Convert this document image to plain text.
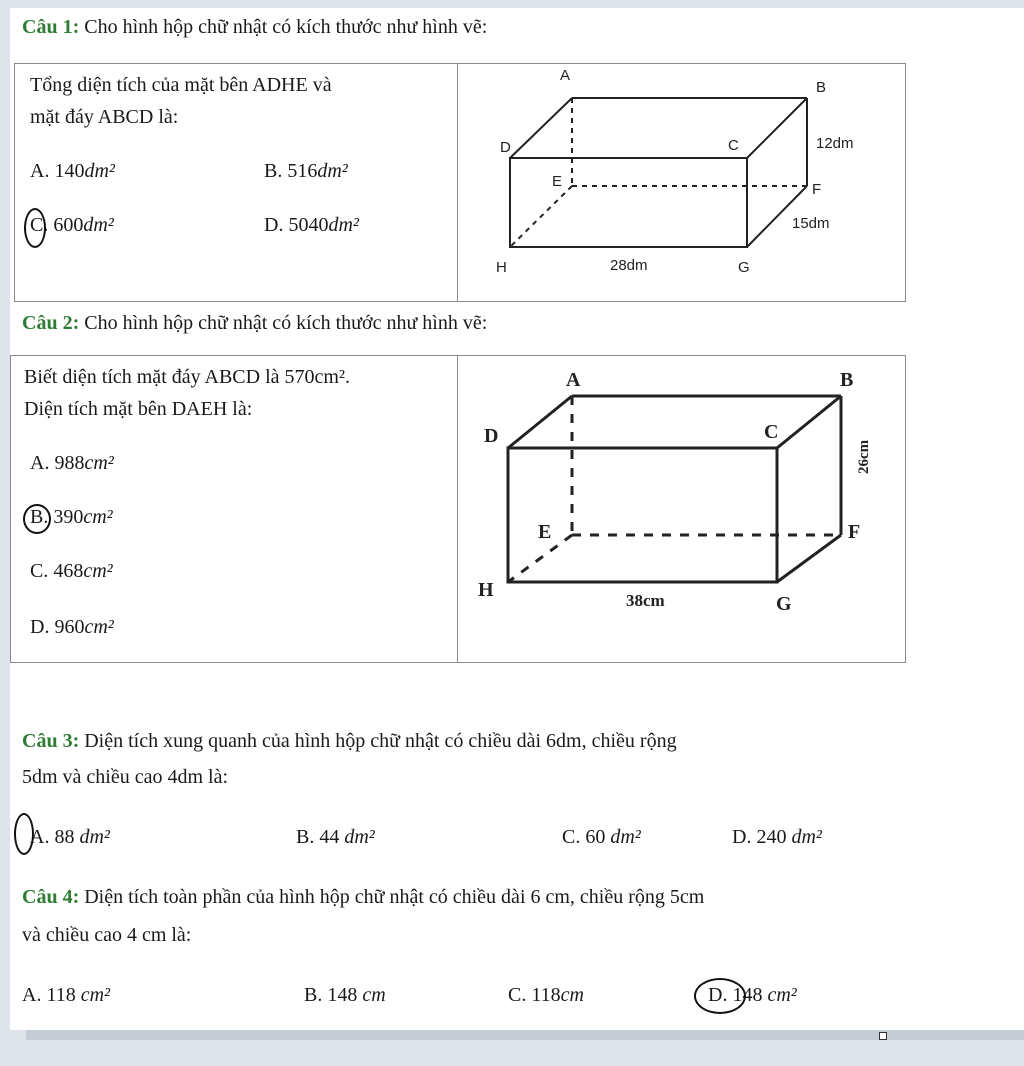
Câu 1: Cho hình hộp chữ nhật có kích thước như hình vẽ:
Tổng diện tích của mặt bên ADHE và
mặt đáy ABCD là:
A. 140dm²	B. 516dm²
C. 600dm²	D. 5040dm²
A
B
C
D
E	F
G
H
12dm
15dm
28dm
Câu 2: Cho hình hộp chữ nhật có kích thước như hình vẽ:
Biết diện tích mặt đáy ABCD là 570cm².
Diện tích mặt bên DAEH là:
A. 988cm²
B. 390cm²
C. 468cm²
D. 960cm²
A	B
C
D
E	F
G
H	38cm
26cm
Câu 3: Diện tích xung quanh của hình hộp chữ nhật có chiều dài 6dm, chiều rộng
5dm và chiều cao 4dm là:
A. 88 dm²	B. 44 dm²	C. 60 dm²	D. 240 dm²
Câu 4: Diện tích toàn phần của hình hộp chữ nhật có chiều dài 6 cm, chiều rộng 5cm
và chiều cao 4 cm là:
A. 118 cm²	B. 148 cm	C. 118cm	D. 148 cm²
